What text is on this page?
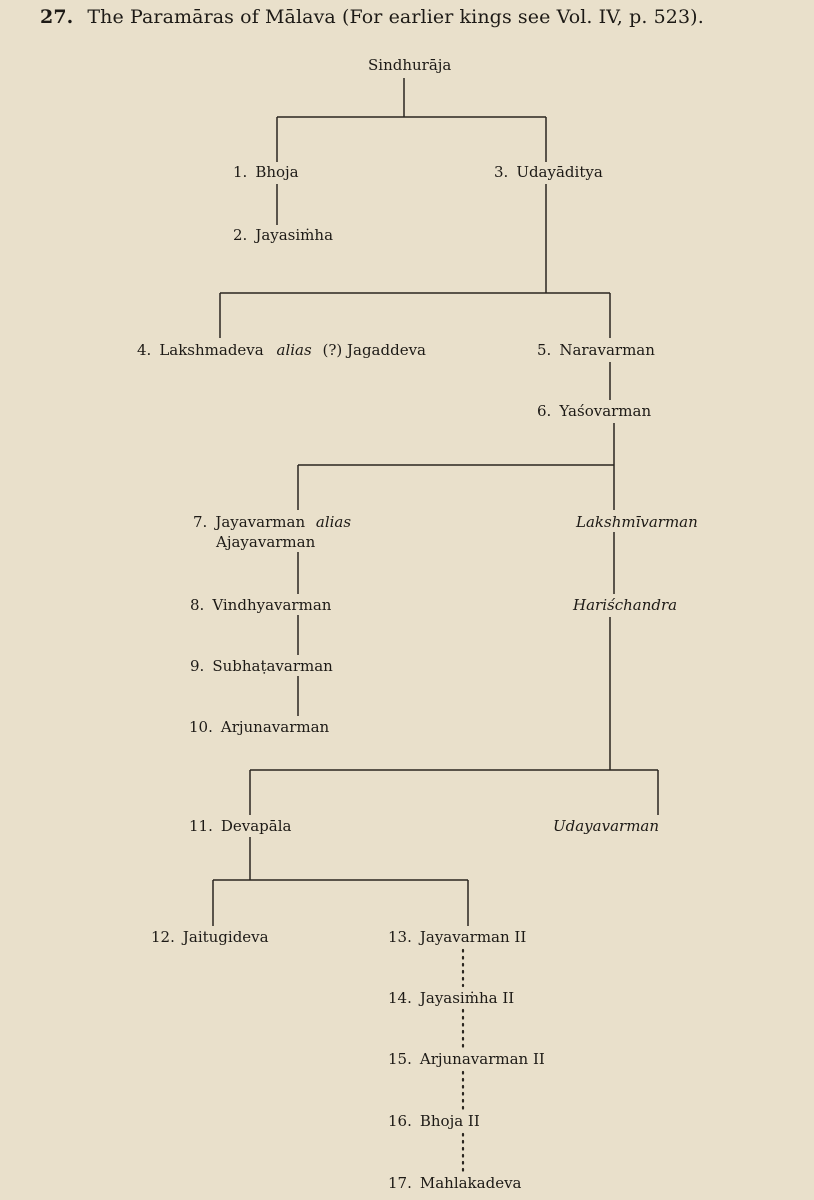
27. The Paramāras of Mālava (For earlier kings see Vol. IV, p. 523).
Sindhurāja
1. Bhoja	3. Udayāditya
2. Jayasiṁha
4. Lakshmadeva alias (?) Jagaddeva	5. Naravarman
6. Yaśovarman
7. Jayavarman alias
Ajayavarman
Lakshmīvarman
8. Vindhyavarman	Hariśchandra
9. Subhaṭavarman
10. Arjunavarman
11. Devapāla	Udayavarman
12. Jaitugideva	13. Jayavarman II
14. Jayasiṁha II
15. Arjunavarman II
16. Bhoja II
17. Mahlakadeva
